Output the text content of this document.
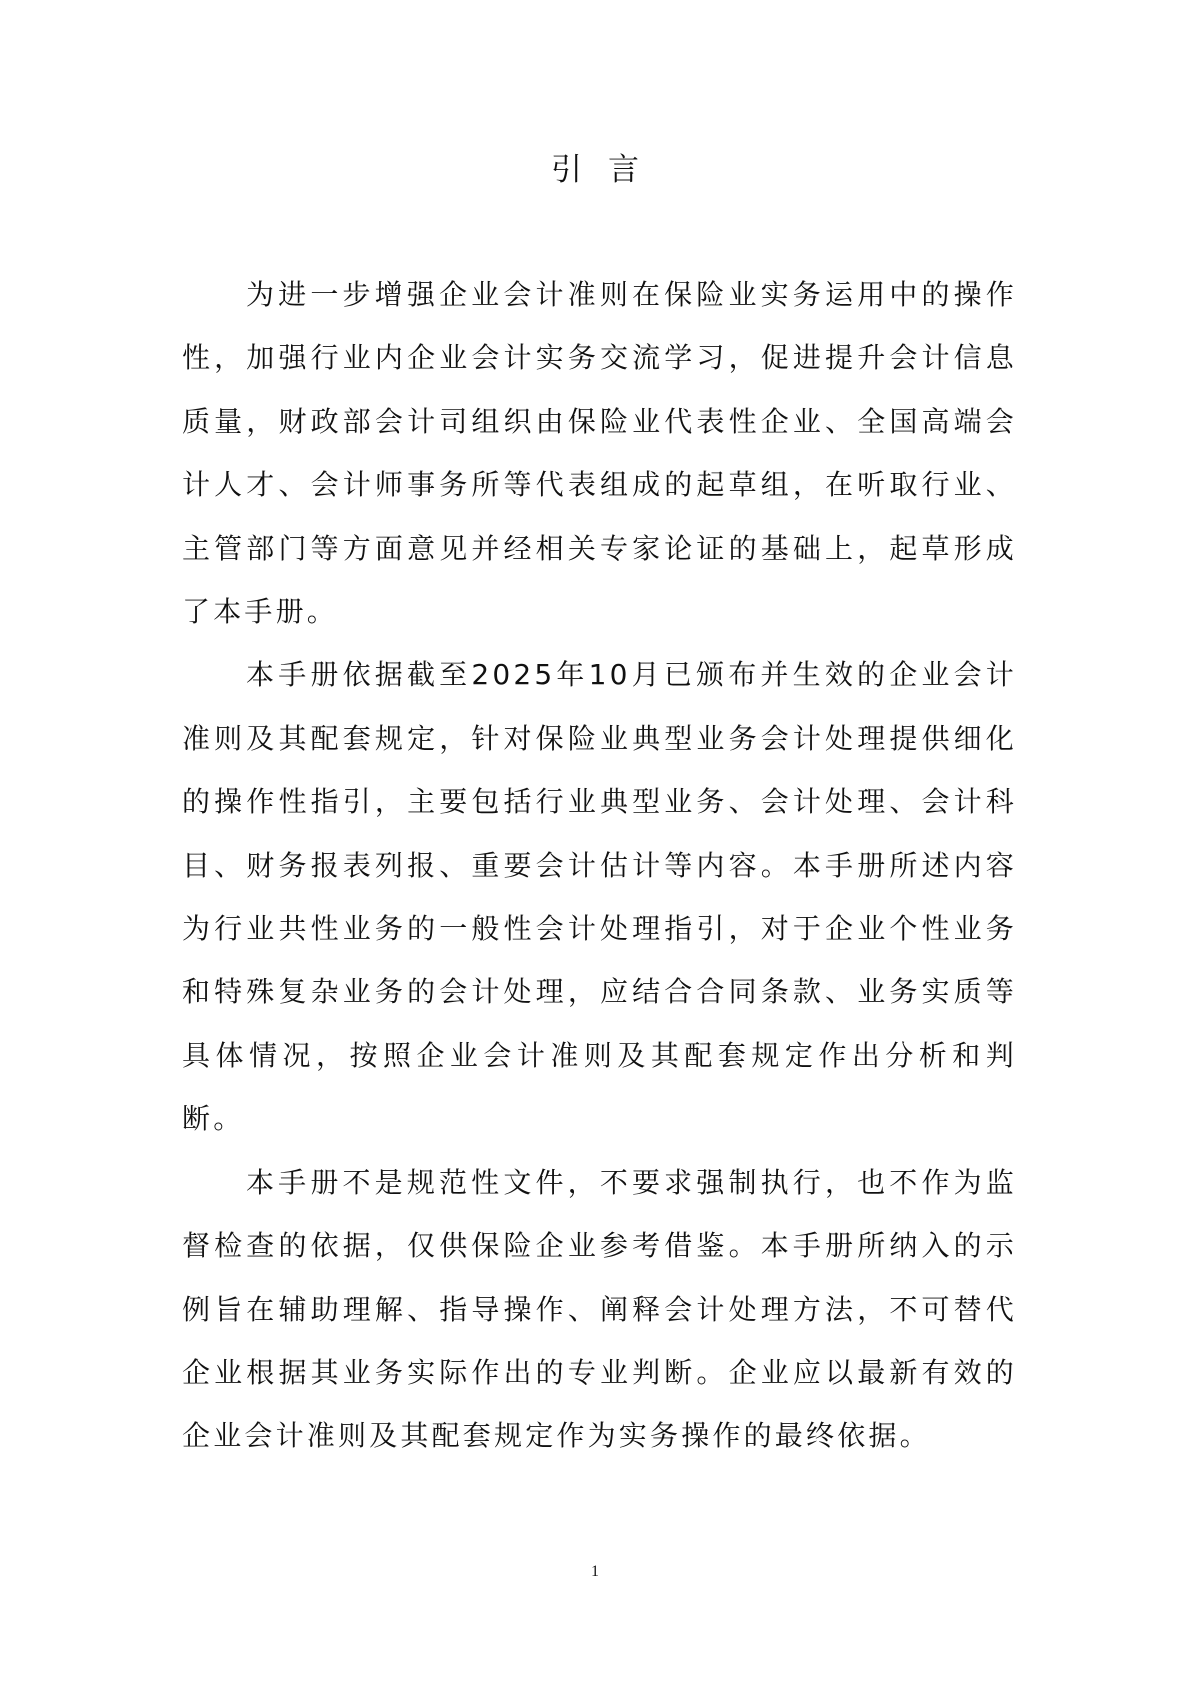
引言

为进一步增强企业会计准则在保险业实务运用中的操作性，加强行业内企业会计实务交流学习，促进提升会计信息质量，财政部会计司组织由保险业代表性企业、全国高端会计人才、会计师事务所等代表组成的起草组，在听取行业、主管部门等方面意见并经相关专家论证的基础上，起草形成了本手册。

本手册依据截至2025年10月已颁布并生效的企业会计准则及其配套规定，针对保险业典型业务会计处理提供细化的操作性指引，主要包括行业典型业务、会计处理、会计科目、财务报表列报、重要会计估计等内容。本手册所述内容为行业共性业务的一般性会计处理指引，对于企业个性业务和特殊复杂业务的会计处理，应结合合同条款、业务实质等具体情况，按照企业会计准则及其配套规定作出分析和判断。

本手册不是规范性文件，不要求强制执行，也不作为监督检查的依据，仅供保险企业参考借鉴。本手册所纳入的示例旨在辅助理解、指导操作、阐释会计处理方法，不可替代企业根据其业务实际作出的专业判断。企业应以最新有效的企业会计准则及其配套规定作为实务操作的最终依据。

1
